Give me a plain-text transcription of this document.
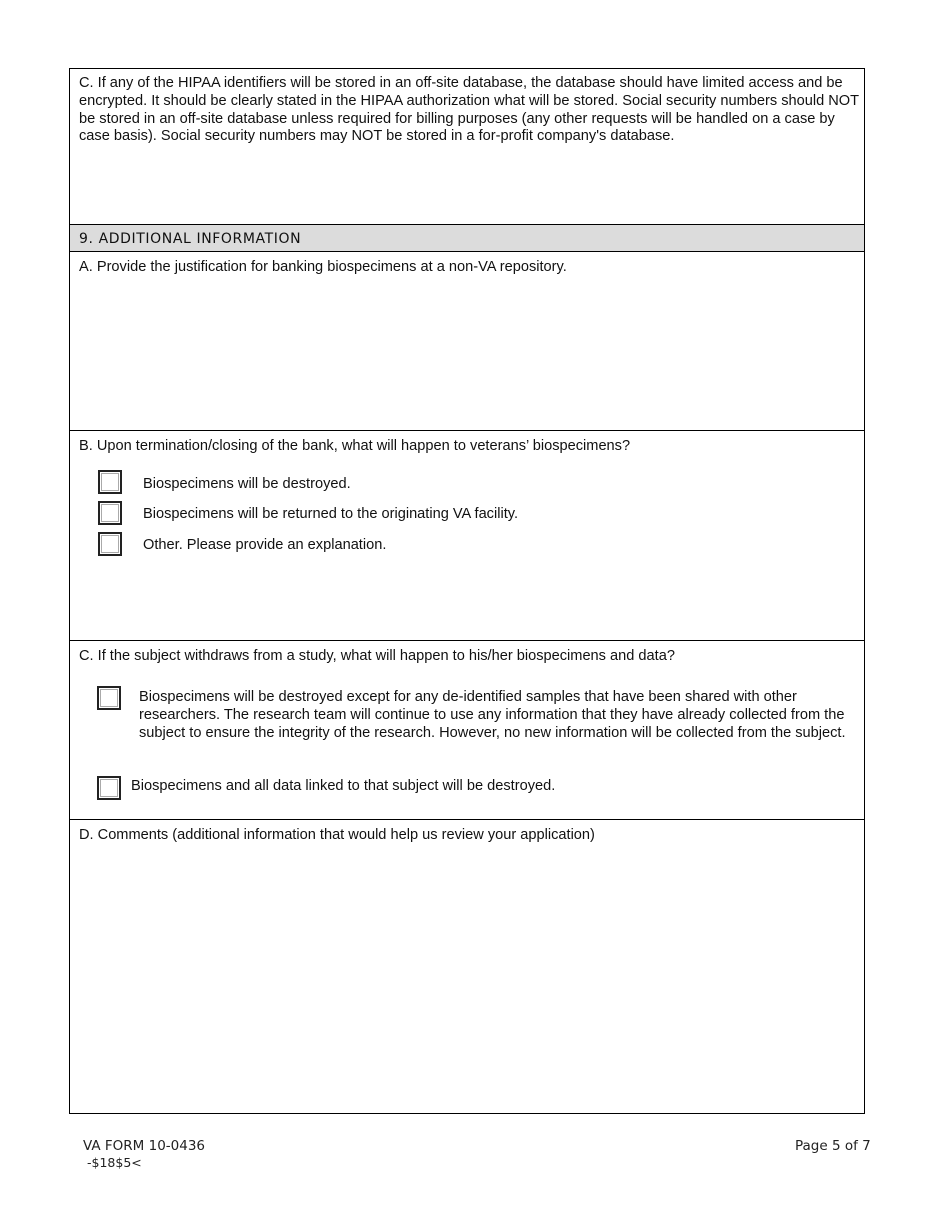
C. If any of the HIPAA identifiers will be stored in an off-site database, the database should have limited access and be encrypted. It should be clearly stated in the HIPAA authorization what will be stored. Social security numbers should NOT be stored in an off-site database unless required for billing purposes (any other requests will be handled on a case by case basis). Social security numbers may NOT be stored in a for-profit company's database.
9. ADDITIONAL INFORMATION
A. Provide the justification for banking biospecimens at a non-VA repository.
B. Upon termination/closing of the bank, what will happen to veterans’ biospecimens?
Biospecimens will be destroyed.
Biospecimens will be returned to the originating VA facility.
Other. Please provide an explanation.
C. If the subject withdraws from a study, what will happen to his/her biospecimens and data?
Biospecimens will be destroyed except for any de-identified samples that have been shared with other researchers. The research team will continue to use any information that they have already collected from the subject to ensure the integrity of the research. However, no new information will be collected from the subject.
Biospecimens and all data linked to that subject will be destroyed.
D. Comments (additional information that would help us review your application)
VA FORM 10-0436
-$18$5<
Page 5 of 7
